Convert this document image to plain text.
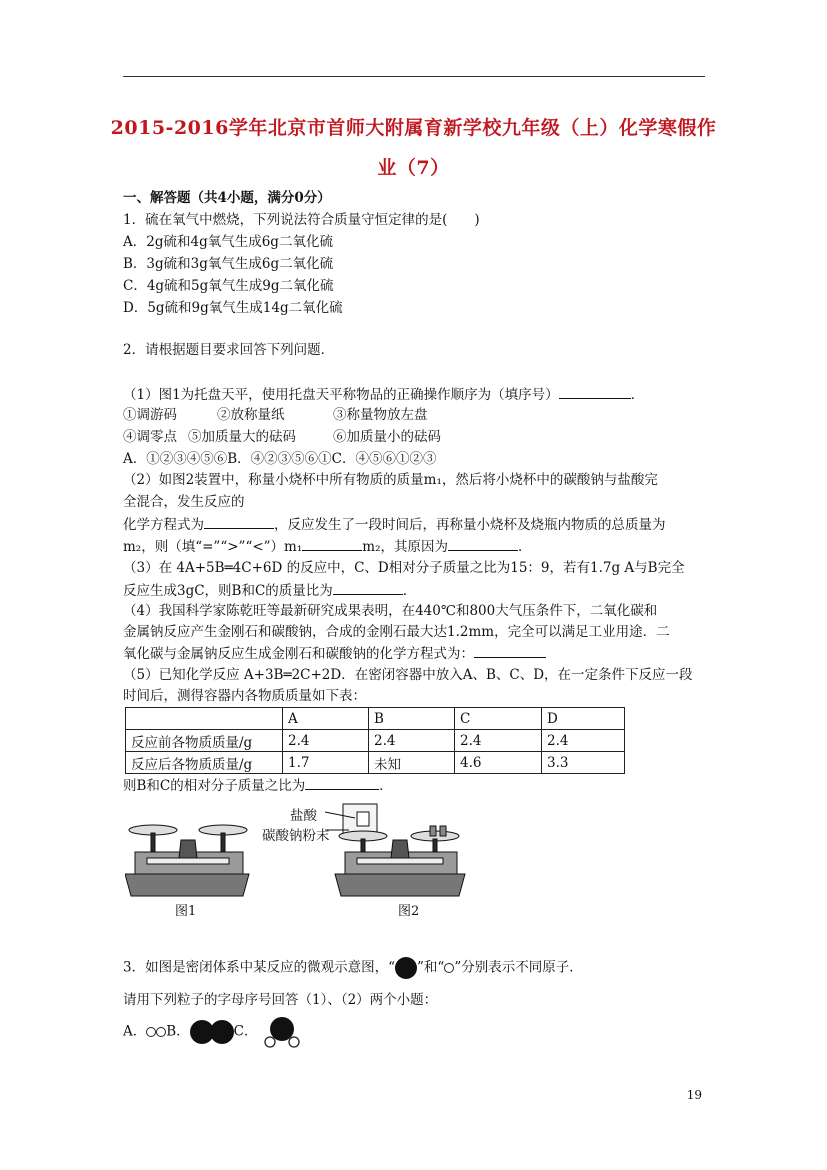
2015-2016学年北京市首师大附属育新学校九年级（上）化学寒假作
业（7）
一、解答题（共4小题，满分0分）
1．硫在氧气中燃烧，下列说法符合质量守恒定律的是(　　)
A．2g硫和4g氧气生成6g二氧化硫
B．3g硫和3g氧气生成6g二氧化硫
C．4g硫和5g氧气生成9g二氧化硫
D．5g硫和9g氧气生成14g二氧化硫
2．请根据题目要求回答下列问题．
（1）图1为托盘天平，使用托盘天平称物品的正确操作顺序为（填序号）	．
①调游码	②放称量纸	③称量物放左盘
④调零点 ⑤加质量大的砝码	⑥加质量小的砝码
A．①②③④⑤⑥B．④②③⑤⑥①C．④⑤⑥①②③
（2）如图2装置中，称量小烧杯中所有物质的质量m₁，然后将小烧杯中的碳酸钠与盐酸完
全混合，发生反应的
化学方程式为	，反应发生了一段时间后，再称量小烧杯及烧瓶内物质的总质量为
m₂，则（填“=”“>”“<”）m₁	m₂，其原因为	．
（3）在 4A+5B═4C+6D 的反应中，C、D相对分子质量之比为15：9，若有1.7g A与B完全
反应生成3gC，则B和C的质量比为	．
（4）我国科学家陈乾旺等最新研究成果表明，在440℃和800大气压条件下，二氧化碳和
金属钠反应产生金刚石和碳酸钠，合成的金刚石最大达1.2mm，完全可以满足工业用途．二
氧化碳与金属钠反应生成金刚石和碳酸钠的化学方程式为：
（5）已知化学反应 A+3B═2C+2D．在密闭容器中放入A、B、C、D，在一定条件下反应一段
时间后，测得容器内各物质质量如下表：
	A	B	C	D
反应前各物质质量/g	2.4	2.4	2.4	2.4
反应后各物质质量/g	1.7	未知	4.6	3.3
则B和C的相对分子质量之比为	．
图1
盐酸
碳酸钠粉末
图2
3．如图是密闭体系中某反应的微观示意图，“ ”和“ ”分别表示不同原子．
请用下列粒子的字母序号回答（1）、（2）两个小题：
A． B．	C．
19
